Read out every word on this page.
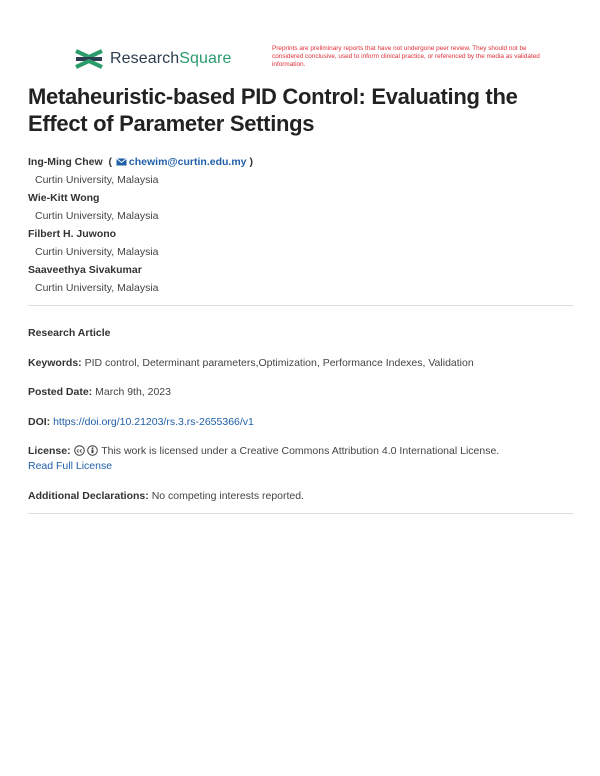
ResearchSquare
Preprints are preliminary reports that have not undergone peer review. They should not be considered conclusive, used to inform clinical practice, or referenced by the media as validated information.
Metaheuristic-based PID Control: Evaluating the Effect of Parameter Settings
Ing-Ming Chew  ( chewim@curtin.edu.my )
Curtin University, Malaysia
Wie-Kitt Wong
Curtin University, Malaysia
Filbert H. Juwono
Curtin University, Malaysia
Saaveethya Sivakumar
Curtin University, Malaysia
Research Article
Keywords: PID control, Determinant parameters,Optimization, Performance Indexes, Validation
Posted Date: March 9th, 2023
DOI: https://doi.org/10.21203/rs.3.rs-2655366/v1
License: cc This work is licensed under a Creative Commons Attribution 4.0 International License.
Read Full License
Additional Declarations: No competing interests reported.
